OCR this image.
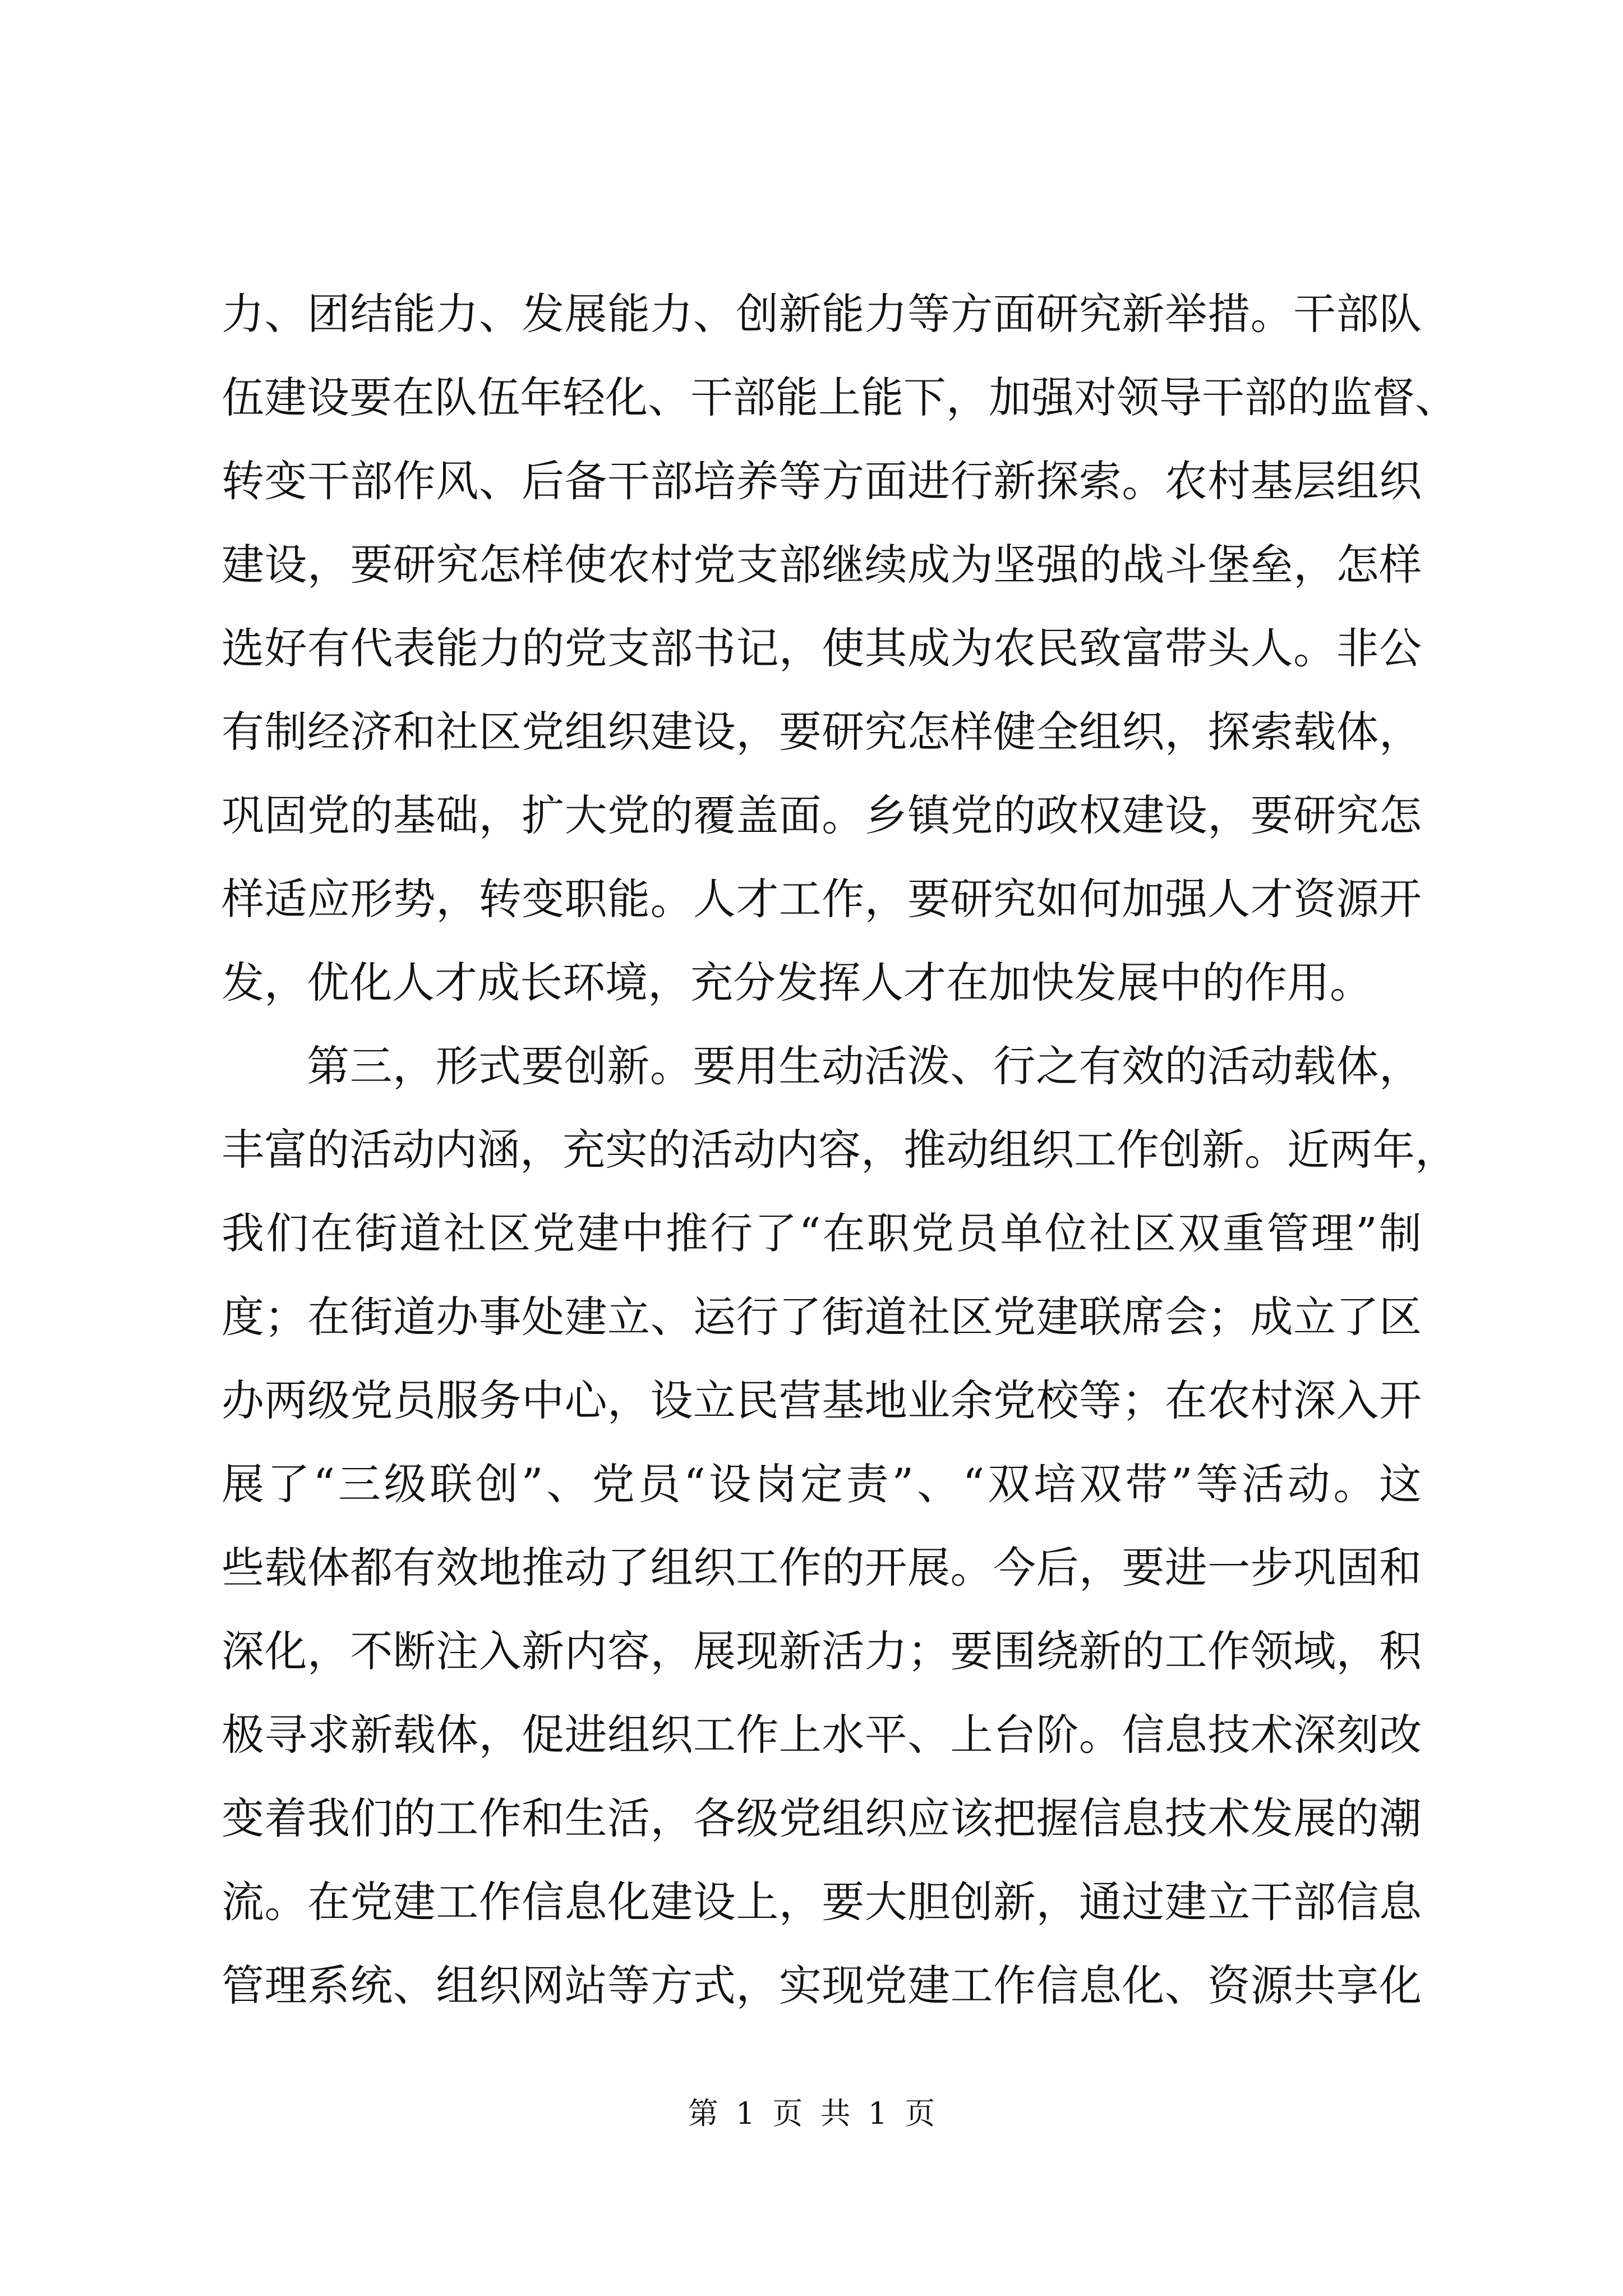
力、团结能力、发展能力、创新能力等方面研究新举措。干部队
伍建设要在队伍年轻化、干部能上能下，加强对领导干部的监督、
转变干部作风、后备干部培养等方面进行新探索。农村基层组织
建设，要研究怎样使农村党支部继续成为坚强的战斗堡垒，怎样
选好有代表能力的党支部书记，使其成为农民致富带头人。非公
有制经济和社区党组织建设，要研究怎样健全组织，探索载体，
巩固党的基础，扩大党的覆盖面。乡镇党的政权建设，要研究怎
样适应形势，转变职能。人才工作，要研究如何加强人才资源开
发，优化人才成长环境，充分发挥人才在加快发展中的作用。
第三，形式要创新。要用生动活泼、行之有效的活动载体，
丰富的活动内涵，充实的活动内容，推动组织工作创新。近两年，
我们在街道社区党建中推行了“在职党员单位社区双重管理”制
度；在街道办事处建立、运行了街道社区党建联席会；成立了区
办两级党员服务中心，设立民营基地业余党校等；在农村深入开
展了“三级联创”、党员“设岗定责”、“双培双带”等活动。这
些载体都有效地推动了组织工作的开展。今后，要进一步巩固和
深化，不断注入新内容，展现新活力；要围绕新的工作领域，积
极寻求新载体，促进组织工作上水平、上台阶。信息技术深刻改
变着我们的工作和生活，各级党组织应该把握信息技术发展的潮
流。在党建工作信息化建设上，要大胆创新，通过建立干部信息
管理系统、组织网站等方式，实现党建工作信息化、资源共享化
第 1 页 共 1 页
